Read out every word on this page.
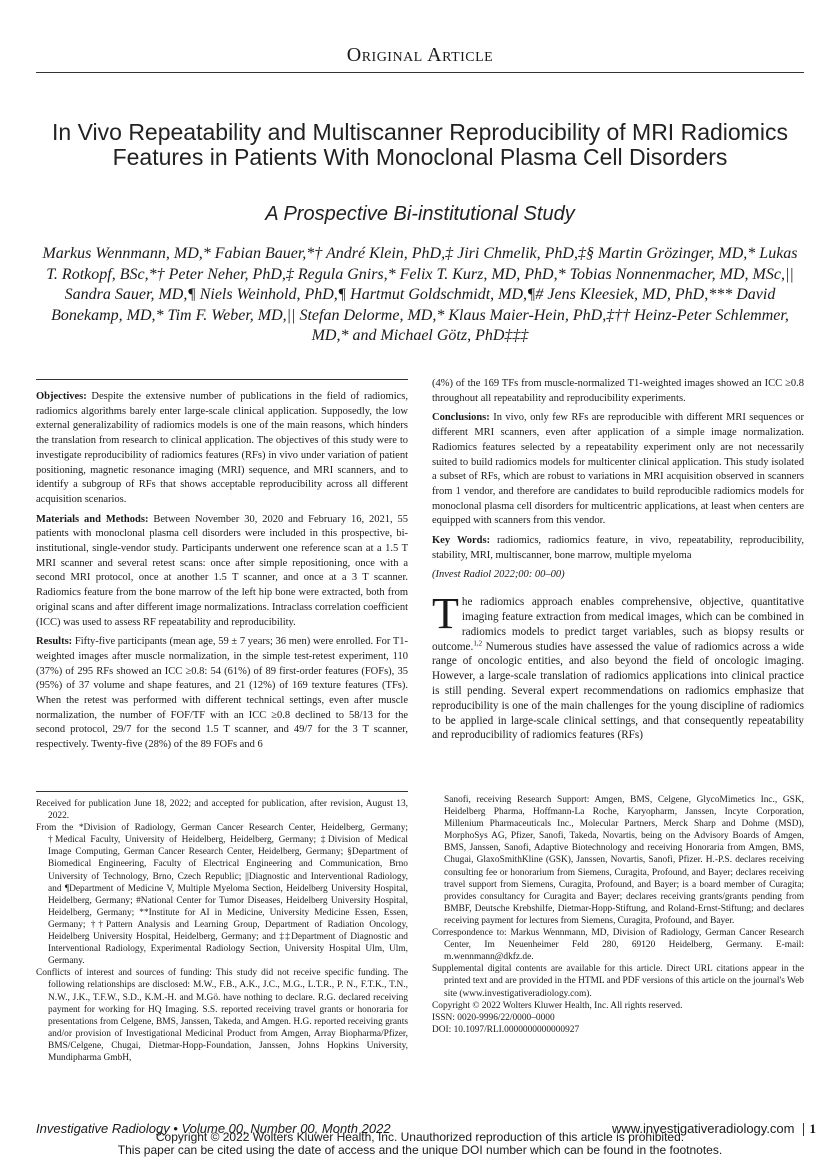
Original Article
In Vivo Repeatability and Multiscanner Reproducibility of MRI Radiomics Features in Patients With Monoclonal Plasma Cell Disorders
A Prospective Bi-institutional Study
Markus Wennmann, MD,* Fabian Bauer,*† André Klein, PhD,‡ Jiri Chmelik, PhD,‡§ Martin Grözinger, MD,* Lukas T. Rotkopf, BSc,*† Peter Neher, PhD,‡ Regula Gnirs,* Felix T. Kurz, MD, PhD,* Tobias Nonnenmacher, MD, MSc,|| Sandra Sauer, MD,¶ Niels Weinhold, PhD,¶ Hartmut Goldschmidt, MD,¶# Jens Kleesiek, MD, PhD,*** David Bonekamp, MD,* Tim F. Weber, MD,|| Stefan Delorme, MD,* Klaus Maier-Hein, PhD,‡†† Heinz-Peter Schlemmer, MD,* and Michael Götz, PhD‡‡‡

Objectives: Despite the extensive number of publications in the field of radiomics, radiomics algorithms barely enter large-scale clinical application. Supposedly, the low external generalizability of radiomics models is one of the main reasons, which hinders the translation from research to clinical application. The objectives of this study were to investigate reproducibility of radiomics features (RFs) in vivo under variation of patient positioning, magnetic resonance imaging (MRI) sequence, and MRI scanners, and to identify a subgroup of RFs that shows acceptable reproducibility across all different acquisition scenarios.

Materials and Methods: Between November 30, 2020 and February 16, 2021, 55 patients with monoclonal plasma cell disorders were included in this prospective, bi-institutional, single-vendor study. Participants underwent one reference scan at a 1.5 T MRI scanner and several retest scans: once after simple repositioning, once with a second MRI protocol, once at another 1.5 T scanner, and once at a 3 T scanner. Radiomics feature from the bone marrow of the left hip bone were extracted, both from original scans and after different image normalizations. Intraclass correlation coefficient (ICC) was used to assess RF repeatability and reproducibility.

Results: Fifty-five participants (mean age, 59 ± 7 years; 36 men) were enrolled. For T1-weighted images after muscle normalization, in the simple test-retest experiment, 110 (37%) of 295 RFs showed an ICC ≥0.8: 54 (61%) of 89 first-order features (FOFs), 35 (95%) of 37 volume and shape features, and 21 (12%) of 169 texture features (TFs). When the retest was performed with different technical settings, even after muscle normalization, the number of FOF/TF with an ICC ≥0.8 declined to 58/13 for the second protocol, 29/7 for the second 1.5 T scanner, and 49/7 for the 3 T scanner, respectively. Twenty-five (28%) of the 89 FOFs and 6

(4%) of the 169 TFs from muscle-normalized T1-weighted images showed an ICC ≥0.8 throughout all repeatability and reproducibility experiments.

Conclusions: In vivo, only few RFs are reproducible with different MRI sequences or different MRI scanners, even after application of a simple image normalization. Radiomics features selected by a repeatability experiment only are not necessarily suited to build radiomics models for multicenter clinical application. This study isolated a subset of RFs, which are robust to variations in MRI acquisition observed in scanners from 1 vendor, and therefore are candidates to build reproducible radiomics models for monoclonal plasma cell disorders for multicentric applications, at least when centers are equipped with scanners from this vendor.

Key Words: radiomics, radiomics feature, in vivo, repeatability, reproducibility, stability, MRI, multiscanner, bone marrow, multiple myeloma

(Invest Radiol 2022;00: 00–00)

The radiomics approach enables comprehensive, objective, quantitative imaging feature extraction from medical images, which can be combined in radiomics models to predict target variables, such as biopsy results or outcome.$^{1,2}$ Numerous studies have assessed the value of radiomics across a wide range of oncologic entities, and also beyond the field of oncologic imaging. However, a large-scale translation of radiomics applications into clinical practice is still pending. Several expert recommendations on radiomics emphasize that reproducibility is one of the main challenges for the young discipline of radiomics to be applied in large-scale clinical settings, and that consequently repeatability and reproducibility of radiomics features (RFs)

Received for publication June 18, 2022; and accepted for publication, after revision, August 13, 2022.

From the *Division of Radiology, German Cancer Research Center, Heidelberg, Germany; †Medical Faculty, University of Heidelberg, Heidelberg, Germany; ‡Division of Medical Image Computing, German Cancer Research Center, Heidelberg, Germany; §Department of Biomedical Engineering, Faculty of Electrical Engineering and Communication, Brno University of Technology, Brno, Czech Republic; ||Diagnostic and Interventional Radiology, and ¶Department of Medicine V, Multiple Myeloma Section, Heidelberg University Hospital, Heidelberg, Germany; #National Center for Tumor Diseases, Heidelberg University Hospital, Heidelberg, Germany; **Institute for AI in Medicine, University Medicine Essen, Essen, Germany; ††Pattern Analysis and Learning Group, Department of Radiation Oncology, Heidelberg University Hospital, Heidelberg, Germany; and ‡‡Department of Diagnostic and Interventional Radiology, Experimental Radiology Section, University Hospital Ulm, Ulm, Germany.

Conflicts of interest and sources of funding: This study did not receive specific funding. The following relationships are disclosed: M.W., F.B., A.K., J.C., M.G., L.T.R., P. N., F.T.K., T.N., N.W., J.K., T.F.W., S.D., K.M.-H. and M.Gö. have nothing to declare. R.G. declared receiving payment for working for HQ Imaging. S.S. reported receiving travel grants or honoraria for presentations from Celgene, BMS, Janssen, Takeda, and Amgen. H.G. reported receiving grants and/or provision of Investigational Medicinal Product from Amgen, Array Biopharma/Pfizer, BMS/Celgene, Chugai, Dietmar-Hopp-Foundation, Janssen, Johns Hopkins University, Mundipharma GmbH,

Sanofi, receiving Research Support: Amgen, BMS, Celgene, GlycoMimetics Inc., GSK, Heidelberg Pharma, Hoffmann-La Roche, Karyopharm, Janssen, Incyte Corporation, Millenium Pharmaceuticals Inc., Molecular Partners, Merck Sharp and Dohme (MSD), MorphoSys AG, Pfizer, Sanofi, Takeda, Novartis, being on the Advisory Boards of Amgen, BMS, Janssen, Sanofi, Adaptive Biotechnology and receiving Honoraria from Amgen, BMS, Chugai, GlaxoSmithKline (GSK), Janssen, Novartis, Sanofi, Pfizer. H.-P.S. declares receiving consulting fee or honorarium from Siemens, Curagita, Profound, and Bayer; declares receiving travel support from Siemens, Curagita, Profound, and Bayer; is a board member of Curagita; provides consultancy for Curagita and Bayer; declares receiving grants/grants pending from BMBF, Deutsche Krebshilfe, Dietmar-Hopp-Stiftung, and Roland-Ernst-Stiftung; and declares receiving payment for lectures from Siemens, Curagita, Profound, and Bayer.

Correspondence to: Markus Wennmann, MD, Division of Radiology, German Cancer Research Center, Im Neuenheimer Feld 280, 69120 Heidelberg, Germany. E-mail: m.wennmann@dkfz.de.

Supplemental digital contents are available for this article. Direct URL citations appear in the printed text and are provided in the HTML and PDF versions of this article on the journal's Web site (www.investigativeradiology.com).

Copyright © 2022 Wolters Kluwer Health, Inc. All rights reserved.

ISSN: 0020-9996/22/0000–0000

DOI: 10.1097/RLI.0000000000000927

Investigative Radiology • Volume 00, Number 00, Month 2022	www.investigativeradiology.com 1
Copyright © 2022 Wolters Kluwer Health, Inc. Unauthorized reproduction of this article is prohibited.
This paper can be cited using the date of access and the unique DOI number which can be found in the footnotes.
